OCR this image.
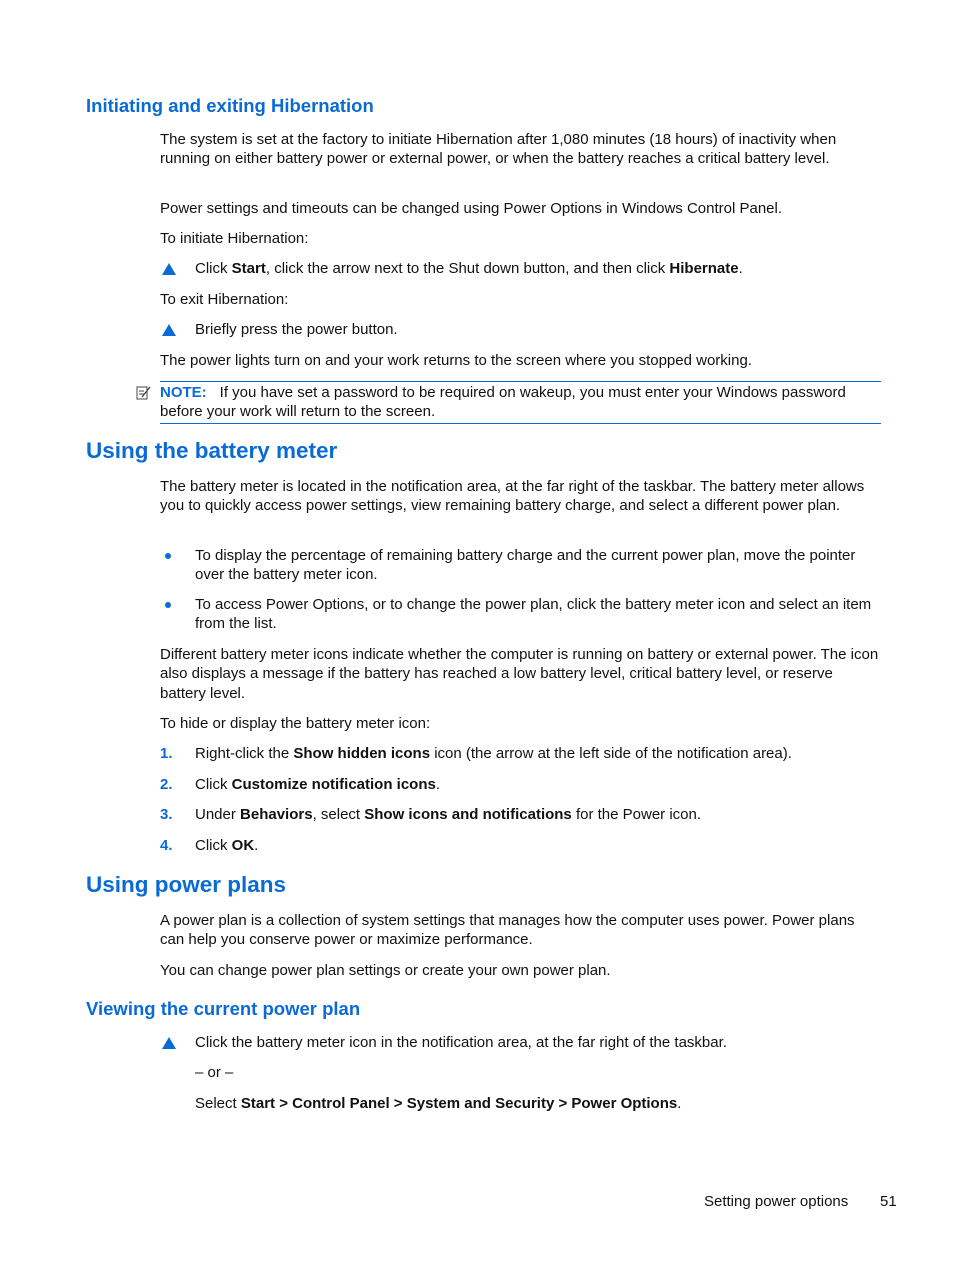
Initiating and exiting Hibernation

The system is set at the factory to initiate Hibernation after 1,080 minutes (18 hours) of inactivity when running on either battery power or external power, or when the battery reaches a critical battery level.

Power settings and timeouts can be changed using Power Options in Windows Control Panel.

To initiate Hibernation:

Click Start, click the arrow next to the Shut down button, and then click Hibernate.

To exit Hibernation:

Briefly press the power button.

The power lights turn on and your work returns to the screen where you stopped working.

NOTE: If you have set a password to be required on wakeup, you must enter your Windows password before your work will return to the screen.
Using the battery meter

The battery meter is located in the notification area, at the far right of the taskbar. The battery meter allows you to quickly access power settings, view remaining battery charge, and select a different power plan.

To display the percentage of remaining battery charge and the current power plan, move the pointer over the battery meter icon.
To access Power Options, or to change the power plan, click the battery meter icon and select an item from the list.

Different battery meter icons indicate whether the computer is running on battery or external power. The icon also displays a message if the battery has reached a low battery level, critical battery level, or reserve battery level.

To hide or display the battery meter icon:

1. Right-click the Show hidden icons icon (the arrow at the left side of the notification area).
2. Click Customize notification icons.
3. Under Behaviors, select Show icons and notifications for the Power icon.
4. Click OK.
Using power plans

A power plan is a collection of system settings that manages how the computer uses power. Power plans can help you conserve power or maximize performance.

You can change power plan settings or create your own power plan.

Viewing the current power plan
Click the battery meter icon in the notification area, at the far right of the taskbar.
– or –
Select Start > Control Panel > System and Security > Power Options.
Setting power options 51
